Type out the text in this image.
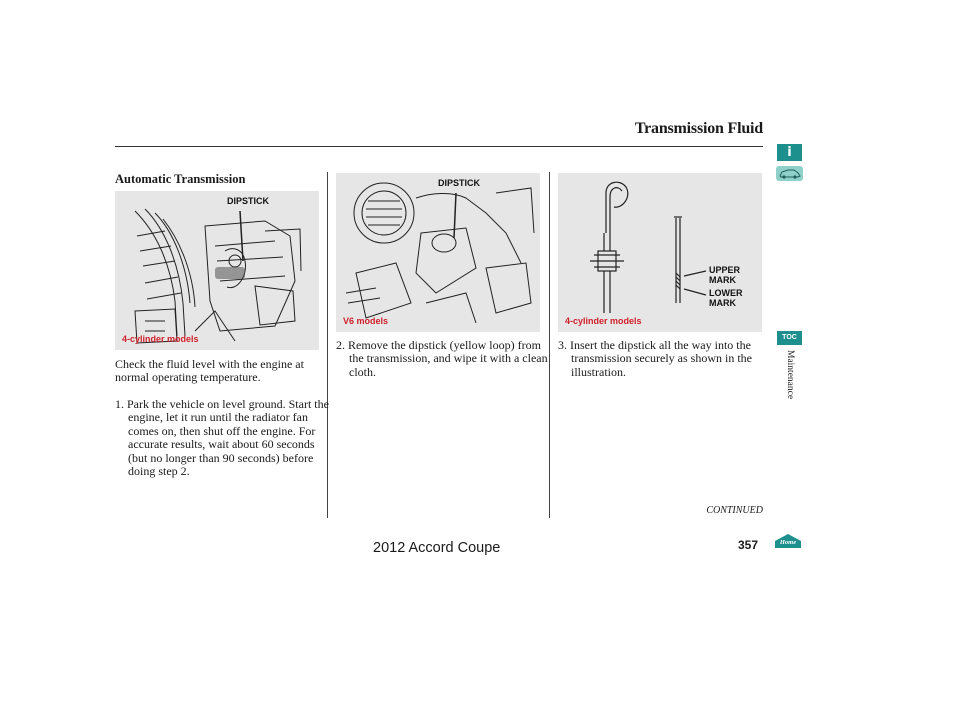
Transmission Fluid
Automatic Transmission
DIPSTICK
4-cylinder models
DIPSTICK
V6 models
UPPER MARK
LOWER MARK
4-cylinder models
Check the fluid level with the engine at normal operating temperature.
1. Park the vehicle on level ground. Start the engine, let it run until the radiator fan comes on, then shut off the engine. For accurate results, wait about 60 seconds (but no longer than 90 seconds) before doing step 2.
2. Remove the dipstick (yellow loop) from the transmission, and wipe it with a clean cloth.
3. Insert the dipstick all the way into the transmission securely as shown in the illustration.
CONTINUED
2012 Accord Coupe	357
i
TOC
Maintenance
Home
